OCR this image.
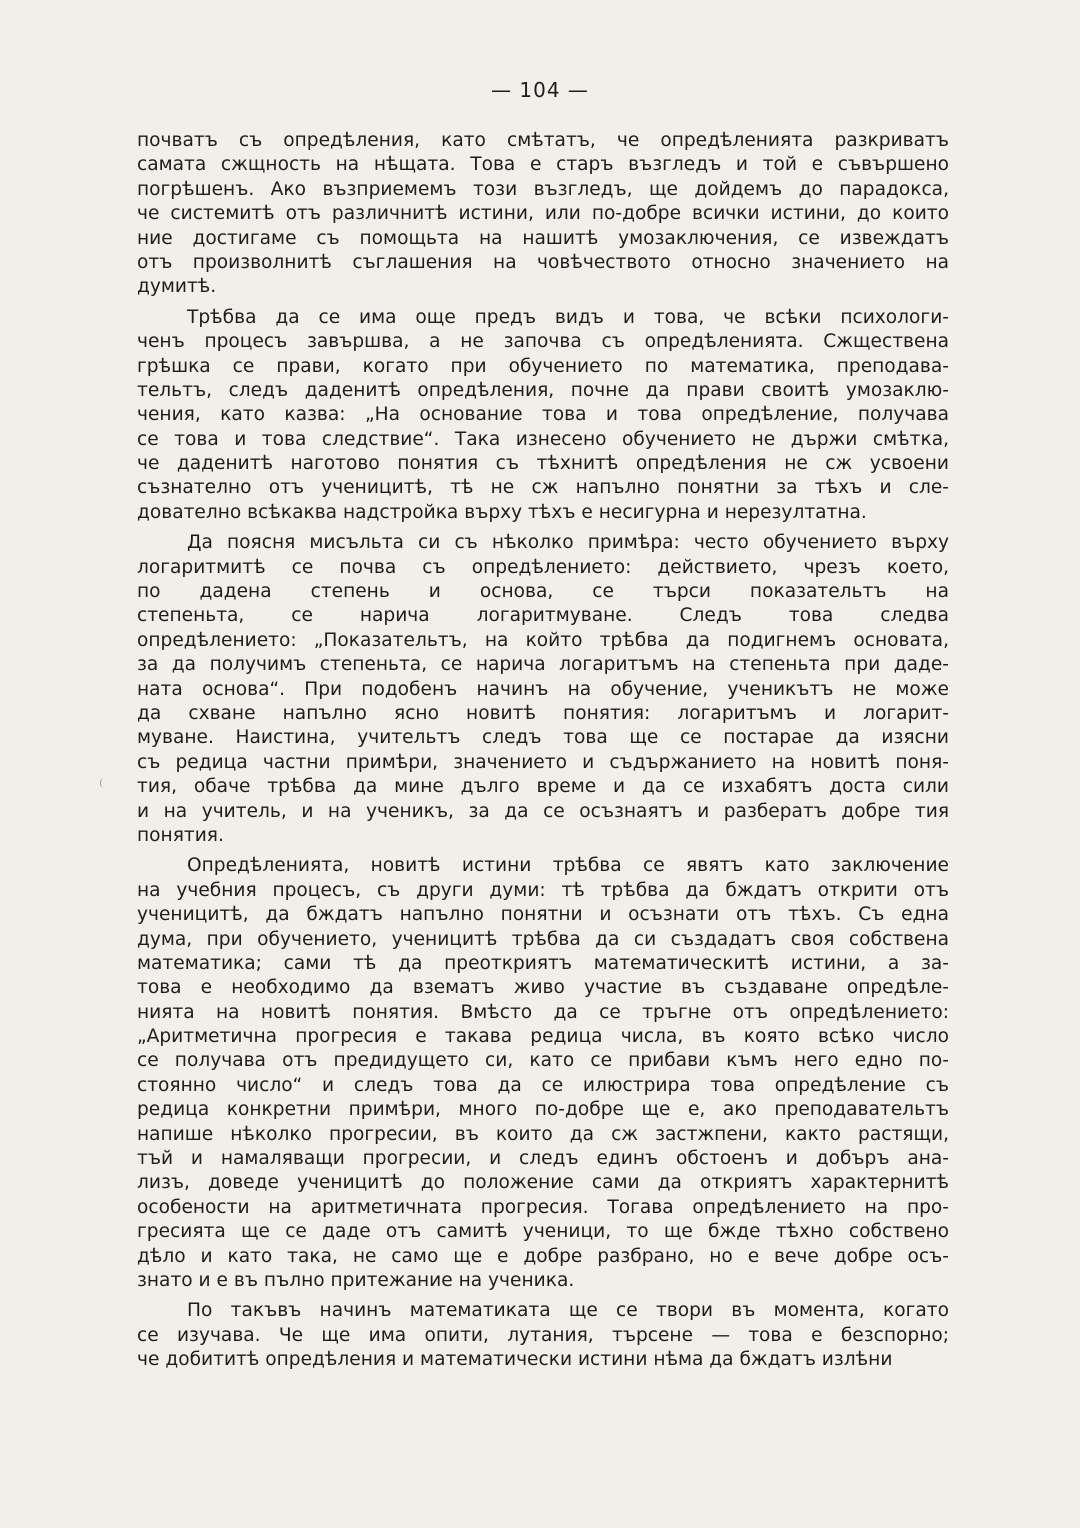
— 104 —
почватъ съ опредѣления, като смѣтатъ, че опредѣленията разкриватъ
самата сжщность на нѣщата. Това е старъ възгледъ и той е съвършено
погрѣшенъ. Ако възприемемъ този възгледъ, ще дойдемъ до парадокса,
че системитѣ отъ различнитѣ истини, или по-добре всички истини, до които
ние достигаме съ помощьта на нашитѣ умозаключения, се извеждатъ
отъ произволнитѣ съглашения на човѣчеството относно значението на
думитѣ.
Трѣбва да се има още предъ видъ и това, че всѣки психологи-
ченъ процесъ завършва, а не започва съ опредѣленията. Сжществена
грѣшка се прави, когато при обучението по математика, преподава-
тельтъ, следъ даденитѣ опредѣления, почне да прави своитѣ умозаклю-
чения, като казва: „На основание това и това опредѣление, получава
се това и това следствие“. Така изнесено обучението не държи смѣтка,
че даденитѣ наготово понятия съ тѣхнитѣ опредѣления не сж усвоени
съзнателно отъ ученицитѣ, тѣ не сж напълно понятни за тѣхъ и сле-
дователно всѣкаква надстройка върху тѣхъ е несигурна и нерезултатна.
Да поясня мисъльта си съ нѣколко примѣра: често обучението върху
логаритмитѣ се почва съ опредѣлението: действието, чрезъ което,
по дадена степень и основа, се търси показательтъ на
степеньта, се нарича логаритмуване. Следъ това следва
опредѣлението: „Показательтъ, на който трѣбва да подигнемъ основата,
за да получимъ степеньта, се нарича логаритъмъ на степеньта при даде-
ната основа“. При подобенъ начинъ на обучение, ученикътъ не може
да схване напълно ясно новитѣ понятия: логаритъмъ и логарит-
муване. Наистина, учительтъ следъ това ще се постарае да изясни
съ редица частни примѣри, значението и съдържанието на новитѣ поня-
тия, обаче трѣбва да мине дълго време и да се изхабятъ доста сили
и на учитель, и на ученикъ, за да се осъзнаятъ и разбератъ добре тия
понятия.
Опредѣленията, новитѣ истини трѣбва се явятъ като заключение
на учебния процесъ, съ други думи: тѣ трѣбва да бждатъ открити отъ
ученицитѣ, да бждатъ напълно понятни и осъзнати отъ тѣхъ. Съ една
дума, при обучението, ученицитѣ трѣбва да си създадатъ своя собствена
математика; сами тѣ да преоткриятъ математическитѣ истини, а за-
това е необходимо да взематъ живо участие въ създаване опредѣле-
нията на новитѣ понятия. Вмѣсто да се тръгне отъ опредѣлението:
„Аритметична прогресия е такава редица числа, въ която всѣко число
се получава отъ предидущето си, като се прибави къмъ него едно по-
стоянно число“ и следъ това да се илюстрира това опредѣление съ
редица конкретни примѣри, много по-добре ще е, ако преподавательтъ
напише нѣколко прогресии, въ които да сж застжпени, както растящи,
тъй и намаляващи прогресии, и следъ единъ обстоенъ и добъръ ана-
лизъ, доведе ученицитѣ до положение сами да откриятъ характернитѣ
особености на аритметичната прогресия. Тогава опредѣлението на про-
гресията ще се даде отъ самитѣ ученици, то ще бжде тѣхно собствено
дѣло и като така, не само ще е добре разбрано, но е вече добре осъ-
знато и е въ пълно притежание на ученика.
По такъвъ начинъ математиката ще се твори въ момента, когато
се изучава. Че ще има опити, лутания, търсене — това е безспорно;
че добититѣ опредѣления и математически истини нѣма да бждатъ излѣни
